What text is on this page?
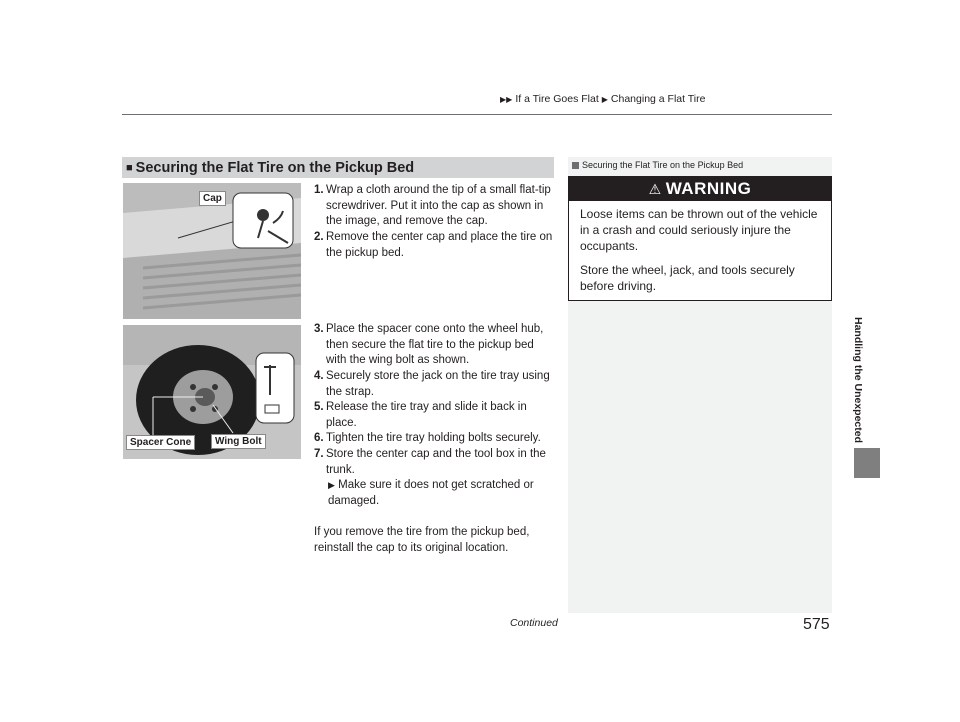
▶▶ If a Tire Goes Flat ▶ Changing a Flat Tire
Handling the Unexpected
■ Securing the Flat Tire on the Pickup Bed
Cap
Spacer Cone	Wing Bolt
1. Wrap a cloth around the tip of a small flat-tip screwdriver. Put it into the cap as shown in the image, and remove the cap.
2. Remove the center cap and place the tire on the pickup bed.
3. Place the spacer cone onto the wheel hub, then secure the flat tire to the pickup bed with the wing bolt as shown.
4. Securely store the jack on the tire tray using the strap.
5. Release the tire tray and slide it back in place.
6. Tighten the tire tray holding bolts securely.
7. Store the center cap and the tool box in the trunk.
▶ Make sure it does not get scratched or damaged.
If you remove the tire from the pickup bed, reinstall the cap to its original location.
Securing the Flat Tire on the Pickup Bed
⚠ WARNING
Loose items can be thrown out of the vehicle in a crash and could seriously injure the occupants.
Store the wheel, jack, and tools securely before driving.
Continued	575
